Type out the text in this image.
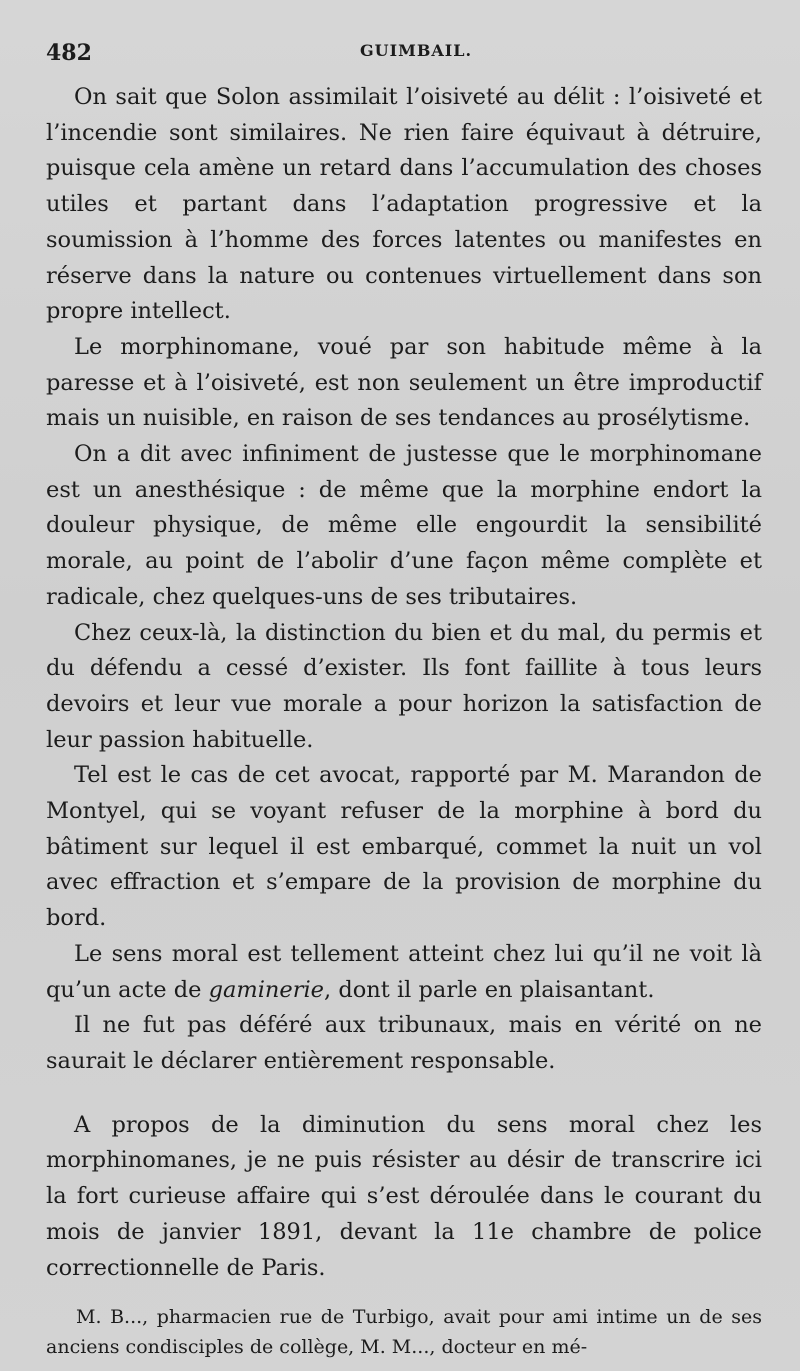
482	GUIMBAIL.

On sait que Solon assimilait l’oisiveté au délit : l’oisiveté et l’incendie sont similaires. Ne rien faire équivaut à détruire, puisque cela amène un retard dans l’accumulation des choses utiles et partant dans l’adaptation progressive et la soumission à l’homme des forces latentes ou manifestes en réserve dans la nature ou contenues virtuellement dans son propre intellect.

Le morphinomane, voué par son habitude même à la paresse et à l’oisiveté, est non seulement un être improductif mais un nuisible, en raison de ses tendances au prosélytisme.

On a dit avec infiniment de justesse que le morphinomane est un anesthésique : de même que la morphine endort la douleur physique, de même elle engourdit la sensibilité morale, au point de l’abolir d’une façon même complète et radicale, chez quelques-uns de ses tributaires.

Chez ceux-là, la distinction du bien et du mal, du permis et du défendu a cessé d’exister. Ils font faillite à tous leurs devoirs et leur vue morale a pour horizon la satisfaction de leur passion habituelle.

Tel est le cas de cet avocat, rapporté par M. Marandon de Montyel, qui se voyant refuser de la morphine à bord du bâtiment sur lequel il est embarqué, commet la nuit un vol avec effraction et s’empare de la provision de morphine du bord.

Le sens moral est tellement atteint chez lui qu’il ne voit là qu’un acte de gaminerie, dont il parle en plaisantant.

Il ne fut pas déféré aux tribunaux, mais en vérité on ne saurait le déclarer entièrement responsable.

A propos de la diminution du sens moral chez les morphinomanes, je ne puis résister au désir de transcrire ici la fort curieuse affaire qui s’est déroulée dans le courant du mois de janvier 1891, devant la 11e chambre de police correctionnelle de Paris.

M. B..., pharmacien rue de Turbigo, avait pour ami intime un de ses anciens condisciples de collège, M. M..., docteur en mé-
